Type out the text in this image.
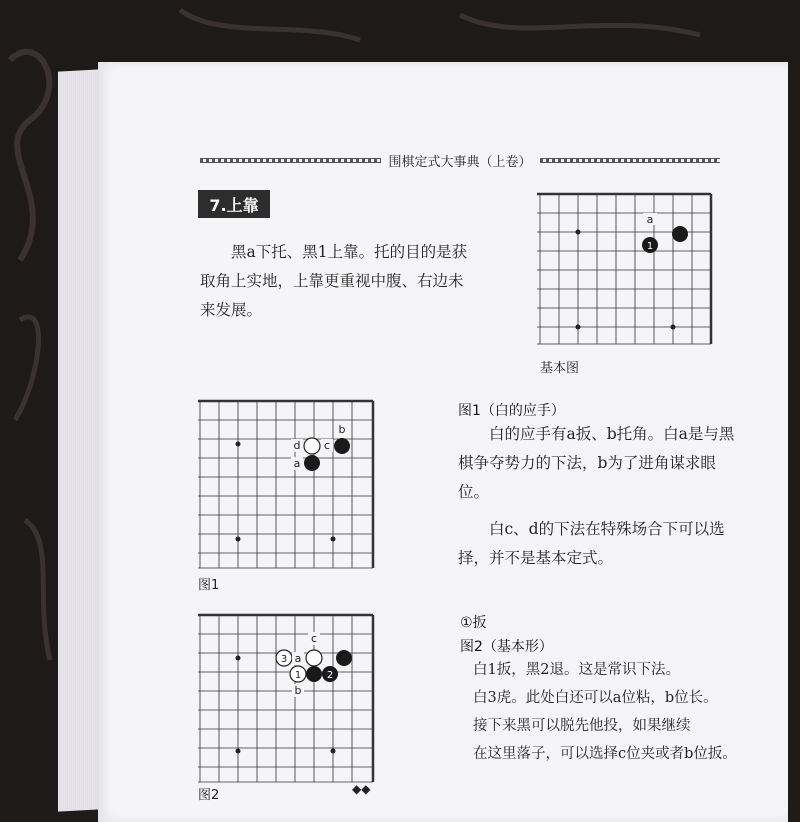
围棋定式大事典（上卷）
7.上靠
　　黑a下托、黑1上靠。托的目的是获
取角上实地，上靠更重视中腹、右边未
来发展。
a
1
基本图
d
a
c
b
图1
图1（白的应手）
　　白的应手有a扳、b托角。白a是与黑
棋争夺势力的下法，b为了进角谋求眼
位。
　　白c、d的下法在特殊场合下可以选
择，并不是基本定式。
c
3 a
1	2
b
图2	◆◆
①扳
图2（基本形）
　　白1扳，黑2退。这是常识下法。
　　白3虎。此处白还可以a位粘，b位长。
　　接下来黑可以脱先他投，如果继续
　　在这里落子，可以选择c位夹或者b位扳。
